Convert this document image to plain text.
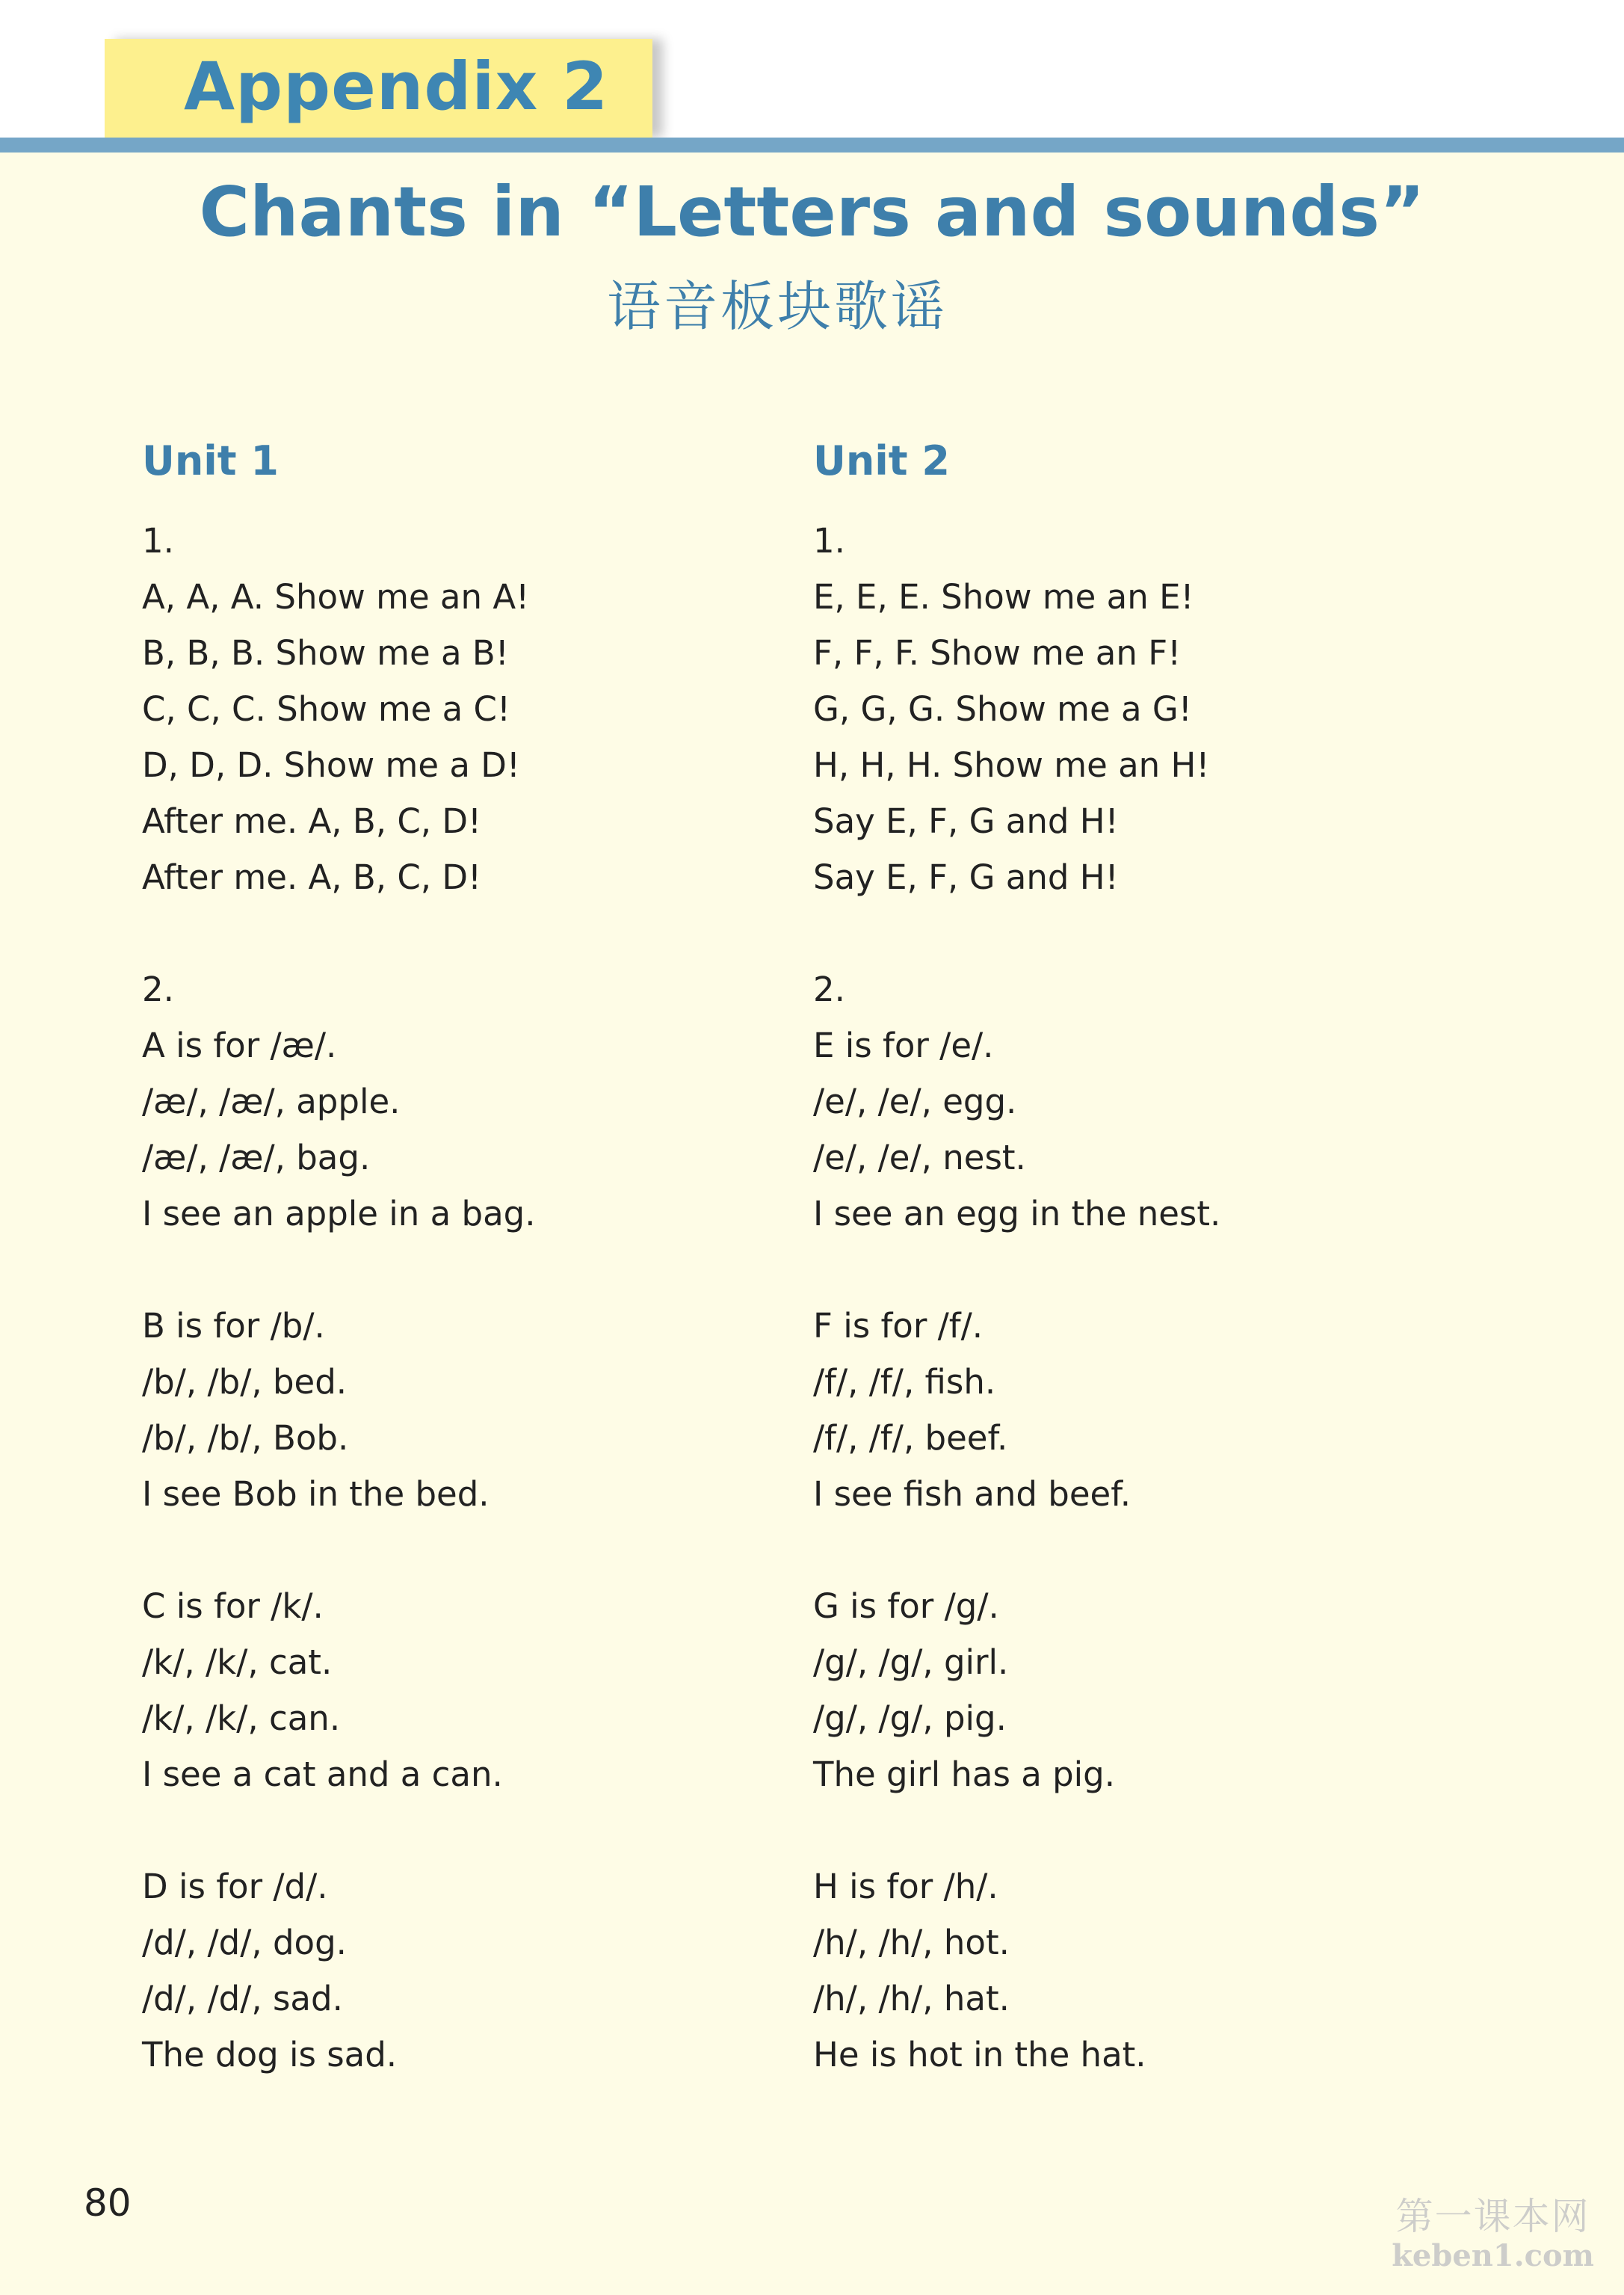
Appendix 2
Chants in “Letters and sounds”
语音板块歌谣
Unit 1
1.
A, A, A. Show me an A!
B, B, B. Show me a B!
C, C, C. Show me a C!
D, D, D. Show me a D!
After me. A, B, C, D!
After me. A, B, C, D!
2.
A is for /æ/.
/æ/, /æ/, apple.
/æ/, /æ/, bag.
I see an apple in a bag.
B is for /b/.
/b/, /b/, bed.
/b/, /b/, Bob.
I see Bob in the bed.
C is for /k/.
/k/, /k/, cat.
/k/, /k/, can.
I see a cat and a can.
D is for /d/.
/d/, /d/, dog.
/d/, /d/, sad.
The dog is sad.
Unit 2
1.
E, E, E. Show me an E!
F, F, F. Show me an F!
G, G, G. Show me a G!
H, H, H. Show me an H!
Say E, F, G and H!
Say E, F, G and H!
2.
E is for /e/.
/e/, /e/, egg.
/e/, /e/, nest.
I see an egg in the nest.
F is for /f/.
/f/, /f/, fish.
/f/, /f/, beef.
I see fish and beef.
G is for /g/.
/g/, /g/, girl.
/g/, /g/, pig.
The girl has a pig.
H is for /h/.
/h/, /h/, hot.
/h/, /h/, hat.
He is hot in the hat.
80	第一课本网
keben1.com
